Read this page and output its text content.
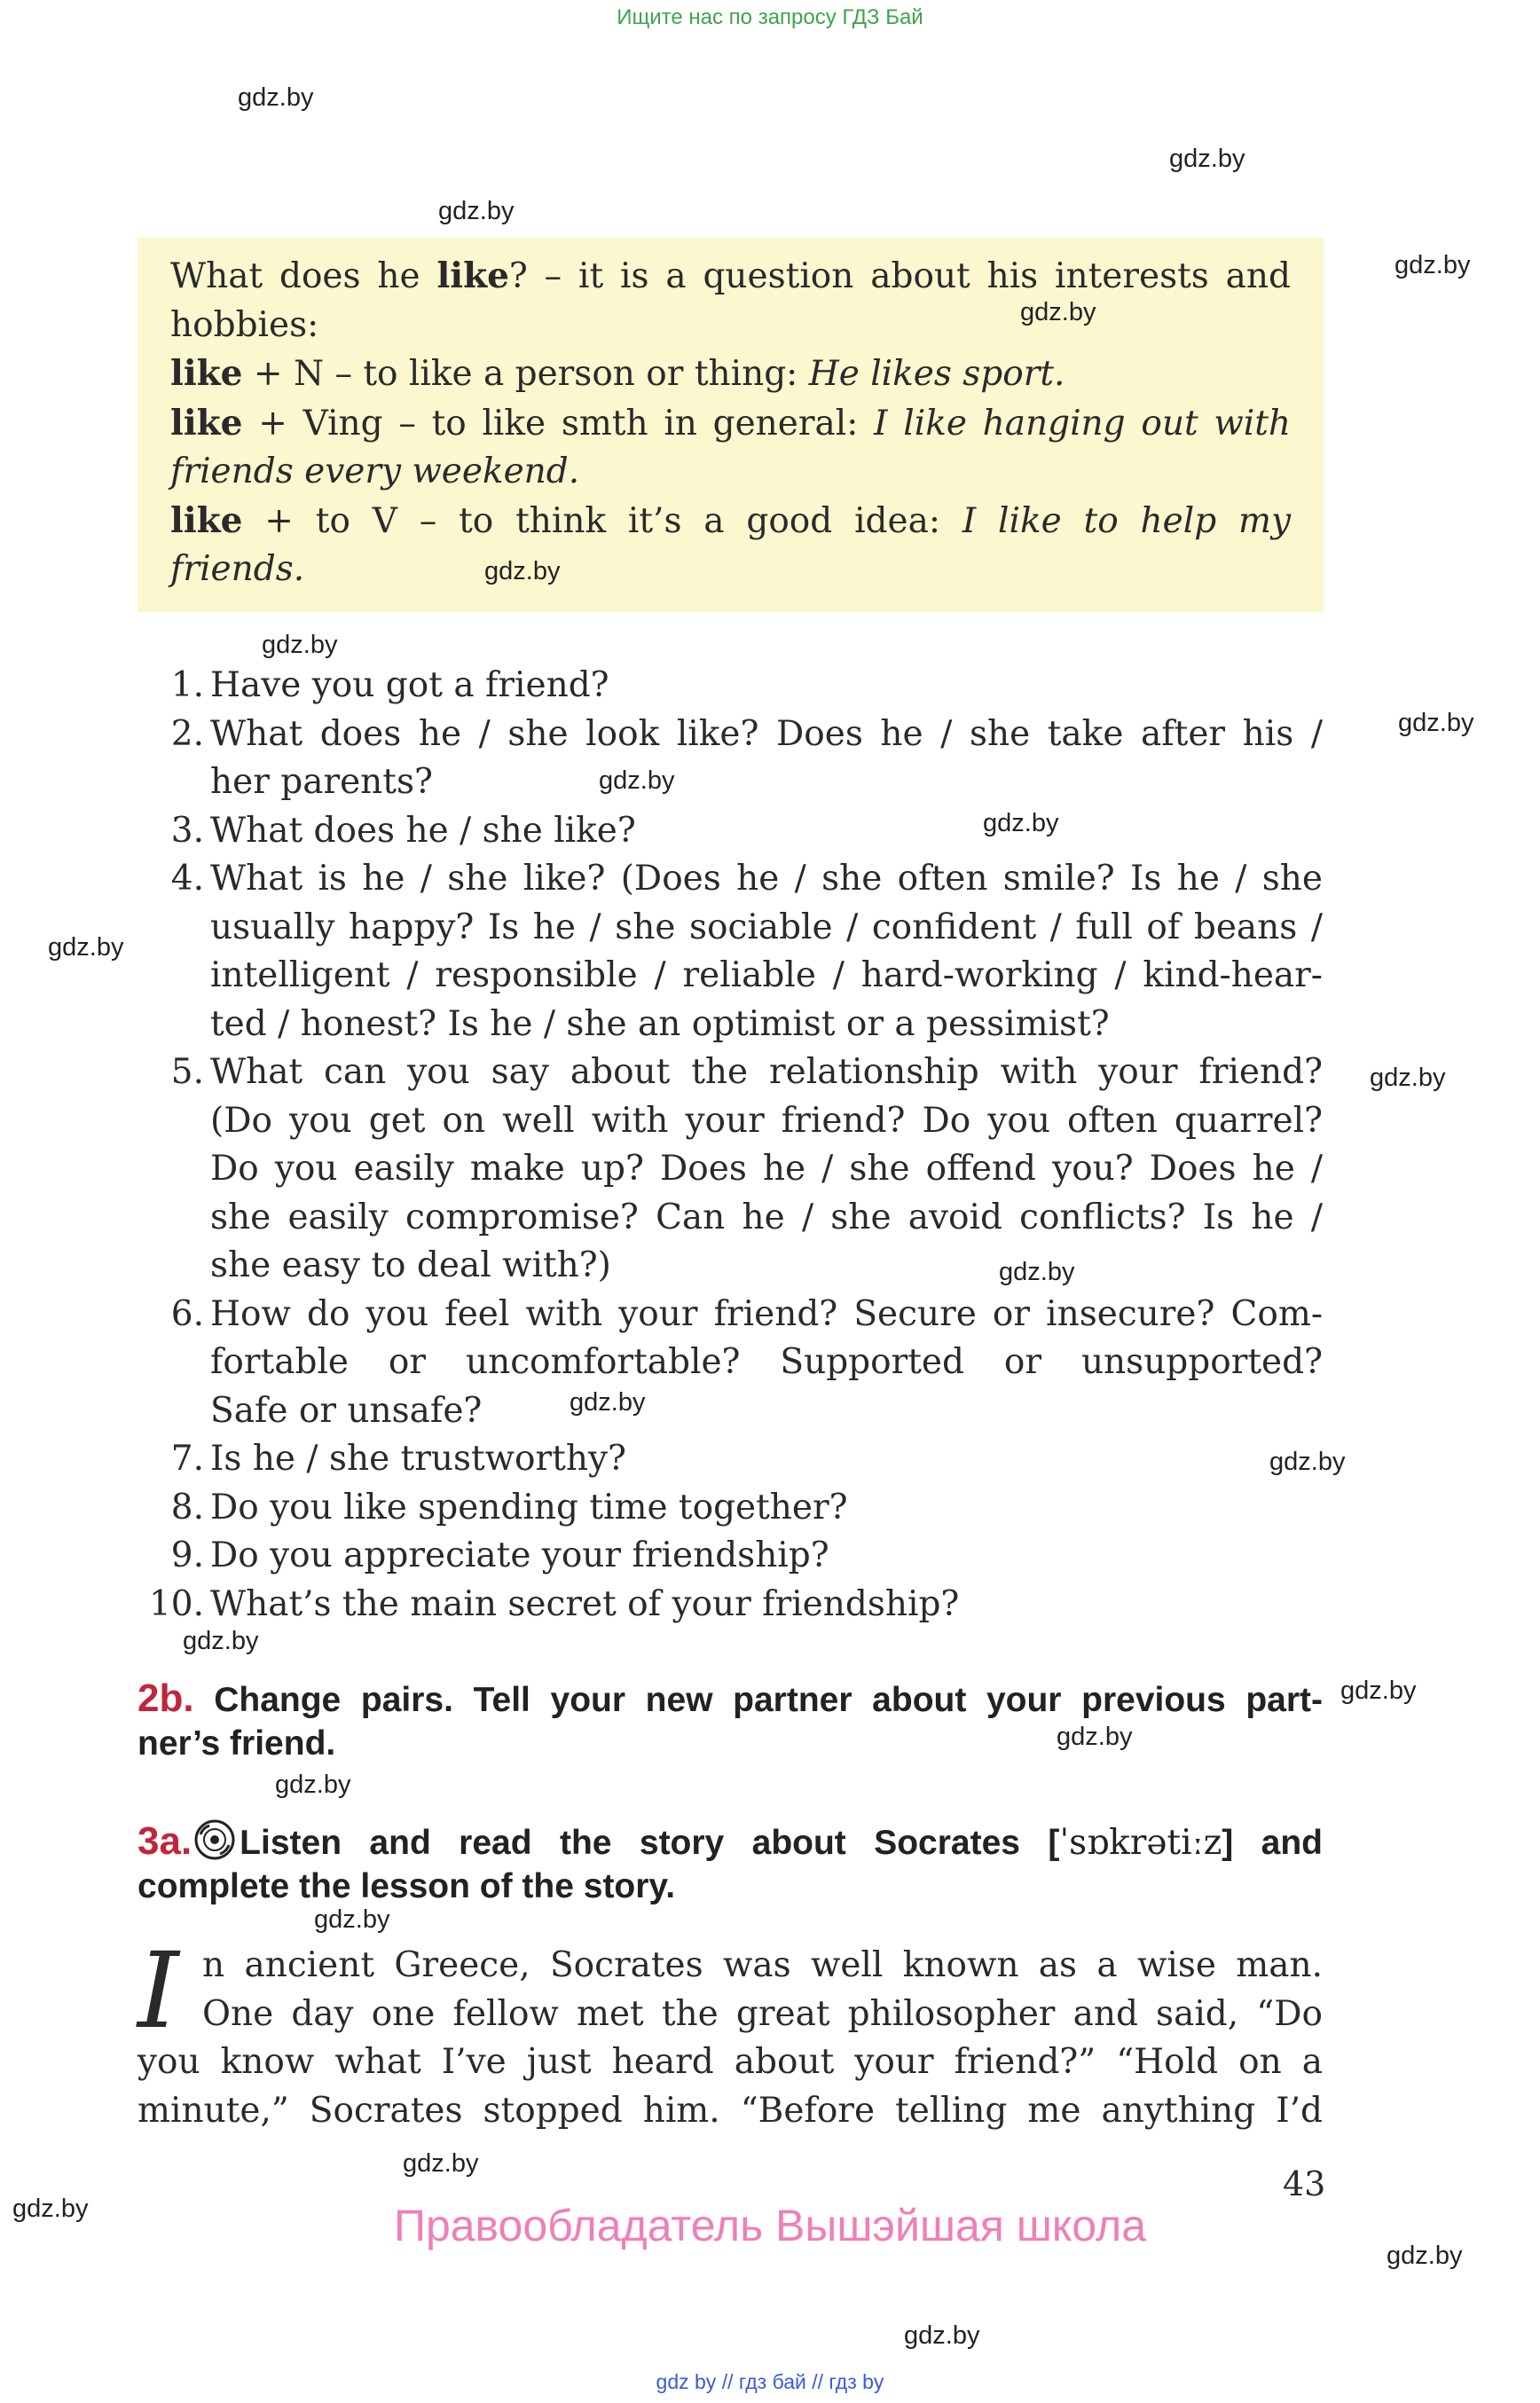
Ищите нас по запросу ГДЗ Бай
gdz.by
gdz.by
gdz.by
gdz.by
gdz.by
gdz.by
gdz.by
gdz.by
gdz.by
gdz.by
gdz.by
gdz.by
gdz.by
gdz.by
gdz.by
gdz.by
gdz.by
gdz.by
gdz.by
gdz.by
gdz.by
gdz.by
gdz.by
gdz.by
What does he like? – it is a question about his interests and
hobbies:
like + N – to like a person or thing: He likes sport.
like + Ving – to like smth in general: I like hanging out with
friends every weekend.
like + to V – to think it’s a good idea: I like to help my
friends.
1. Have you got a friend?
2. What does he / she look like? Does he / she take after his /
her parents?
3. What does he / she like?
4. What is he / she like? (Does he / she often smile? Is he / she
usually happy? Is he / she sociable / confident / full of beans /
intelligent / responsible / reliable / hard-working / kind-hear-
ted / honest? Is he / she an optimist or a pessimist?
5. What can you say about the relationship with your friend?
(Do you get on well with your friend? Do you often quarrel?
Do you easily make up? Does he / she offend you? Does he /
she easily compromise? Can he / she avoid conflicts? Is he /
she easy to deal with?)
6. How do you feel with your friend? Secure or insecure? Com-
fortable or uncomfortable? Supported or unsupported?
Safe or unsafe?
7. Is he / she trustworthy?
8. Do you like spending time together?
9. Do you appreciate your friendship?
10. What’s the main secret of your friendship?
2b. Change pairs. Tell your new partner about your previous part-
ner’s friend.
3a. Listen and read the story about Socrates [ˈsɒkrətiːz] and
complete the lesson of the story.
I n ancient Greece, Socrates was well known as a wise man.
One day one fellow met the great philosopher and said, “Do
you know what I’ve just heard about your friend?” “Hold on a
minute,” Socrates stopped him. “Before telling me anything I’d
43
Правообладатель Вышэйшая школа
gdz by // гдз бай // гдз by
